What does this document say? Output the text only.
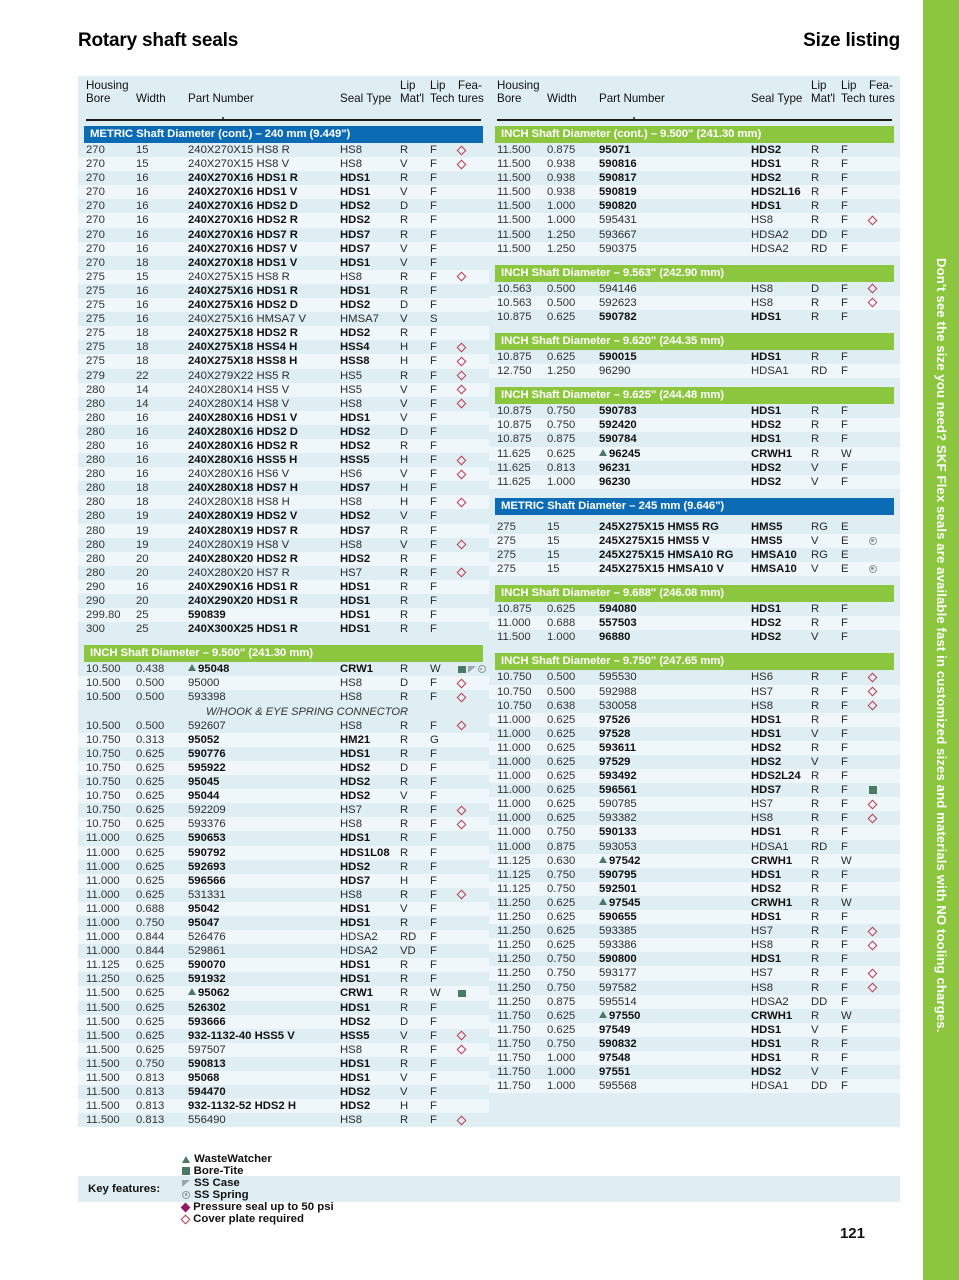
Rotary shaft seals	Size listing
Housing
Bore	Width	Part Number	Seal Type
Lip
Mat'l
Lip
Tech
Fea-
tures
METRIC Shaft Diameter (cont.) – 240 mm (9.449")
270	15	240X270X15 HS8 R	HS8	R	F
270	15	240X270X15 HS8 V	HS8	V	F
270	16	240X270X16 HDS1 R	HDS1	R	F
270	16	240X270X16 HDS1 V	HDS1	V	F
270	16	240X270X16 HDS2 D	HDS2	D	F
270	16	240X270X16 HDS2 R	HDS2	R	F
270	16	240X270X16 HDS7 R	HDS7	R	F
270	16	240X270X16 HDS7 V	HDS7	V	F
270	18	240X270X18 HDS1 V	HDS1	V	F
275	15	240X275X15 HS8 R	HS8	R	F
275	16	240X275X16 HDS1 R	HDS1	R	F
275	16	240X275X16 HDS2 D	HDS2	D	F
275	16	240X275X16 HMSA7 V	HMSA7	V	S
275	18	240X275X18 HDS2 R	HDS2	R	F
275	18	240X275X18 HSS4 H	HSS4	H	F
275	18	240X275X18 HSS8 H	HSS8	H	F
279	22	240X279X22 HS5 R	HS5	R	F
280	14	240X280X14 HS5 V	HS5	V	F
280	14	240X280X14 HS8 V	HS8	V	F
280	16	240X280X16 HDS1 V	HDS1	V	F
280	16	240X280X16 HDS2 D	HDS2	D	F
280	16	240X280X16 HDS2 R	HDS2	R	F
280	16	240X280X16 HSS5 H	HSS5	H	F
280	16	240X280X16 HS6 V	HS6	V	F
280	18	240X280X18 HDS7 H	HDS7	H	F
280	18	240X280X18 HS8 H	HS8	H	F
280	19	240X280X19 HDS2 V	HDS2	V	F
280	19	240X280X19 HDS7 R	HDS7	R	F
280	19	240X280X19 HS8 V	HS8	V	F
280	20	240X280X20 HDS2 R	HDS2	R	F
280	20	240X280X20 HS7 R	HS7	R	F
290	16	240X290X16 HDS1 R	HDS1	R	F
290	20	240X290X20 HDS1 R	HDS1	R	F
299.80	25	590839	HDS1	R	F
300	25	240X300X25 HDS1 R	HDS1	R	F
INCH Shaft Diameter – 9.500" (241.30 mm)
10.500	0.438	95048	CRW1	R	W
10.500	0.500	95000	HS8	D	F
10.500	0.500	593398	HS8	R	F
W/HOOK & EYE SPRING CONNECTOR
10.500	0.500	592607	HS8	R	F
10.750	0.313	95052	HM21	R	G
10.750	0.625	590776	HDS1	R	F
10.750	0.625	595922	HDS2	D	F
10.750	0.625	95045	HDS2	R	F
10.750	0.625	95044	HDS2	V	F
10.750	0.625	592209	HS7	R	F
10.750	0.625	593376	HS8	R	F
11.000	0.625	590653	HDS1	R	F
11.000	0.625	590792	HDS1L08 R	F
11.000	0.625	592693	HDS2	R	F
11.000	0.625	596566	HDS7	H	F
11.000	0.625	531331	HS8	R	F
11.000	0.688	95042	HDS1	V	F
11.000	0.750	95047	HDS1	R	F
11.000	0.844	526476	HDSA2	RD	F
11.000	0.844	529861	HDSA2	VD	F
11.125	0.625	590070	HDS1	R	F
11.250	0.625	591932	HDS1	R	F
11.500	0.625	95062	CRW1	R	W
11.500	0.625	526302	HDS1	R	F
11.500	0.625	593666	HDS2	D	F
11.500	0.625	932-1132-40 HSS5 V	HSS5	V	F
11.500	0.625	597507	HS8	R	F
11.500	0.750	590813	HDS1	R	F
11.500	0.813	95068	HDS1	V	F
11.500	0.813	594470	HDS2	V	F
11.500	0.813	932-1132-52 HDS2 H	HDS2	H	F
11.500	0.813	556490	HS8	R	F
Housing
Bore	Width	Part Number	Seal Type
Lip
Mat'l
Lip
Tech
Fea-
tures
INCH Shaft Diameter (cont.) – 9.500" (241.30 mm)
11.500	0.875	95071	HDS2	R	F
11.500	0.938	590816	HDS1	R	F
11.500	0.938	590817	HDS2	R	F
11.500	0.938	590819	HDS2L16 R	F
11.500	1.000	590820	HDS1	R	F
11.500	1.000	595431	HS8	R	F
11.500	1.250	593667	HDSA2	DD	F
11.500	1.250	590375	HDSA2	RD	F
INCH Shaft Diameter – 9.563" (242.90 mm)
10.563	0.500	594146	HS8	D	F
10.563	0.500	592623	HS8	R	F
10.875	0.625	590782	HDS1	R	F
INCH Shaft Diameter – 9.620" (244.35 mm)
10.875	0.625	590015	HDS1	R	F
12.750	1.250	96290	HDSA1	RD	F
INCH Shaft Diameter – 9.625" (244.48 mm)
10.875	0.750	590783	HDS1	R	F
10.875	0.750	592420	HDS2	R	F
10.875	0.875	590784	HDS1	R	F
11.625	0.625	96245	CRWH1	R	W
11.625	0.813	96231	HDS2	V	F
11.625	1.000	96230	HDS2	V	F
METRIC Shaft Diameter – 245 mm (9.646")
275	15	245X275X15 HMS5 RG	HMS5	RG	E
275	15	245X275X15 HMS5 V	HMS5	V	E
275	15	245X275X15 HMSA10 RG	HMSA10	RG	E
275	15	245X275X15 HMSA10 V	HMSA10	V	E
INCH Shaft Diameter – 9.688" (246.08 mm)
10.875	0.625	594080	HDS1	R	F
11.000	0.688	557503	HDS2	R	F
11.500	1.000	96880	HDS2	V	F
INCH Shaft Diameter – 9.750" (247.65 mm)
10.750	0.500	595530	HS6	R	F
10.750	0.500	592988	HS7	R	F
10.750	0.638	530058	HS8	R	F
11.000	0.625	97526	HDS1	R	F
11.000	0.625	97528	HDS1	V	F
11.000	0.625	593611	HDS2	R	F
11.000	0.625	97529	HDS2	V	F
11.000	0.625	593492	HDS2L24 R	F
11.000	0.625	596561	HDS7	R	F
11.000	0.625	590785	HS7	R	F
11.000	0.625	593382	HS8	R	F
11.000	0.750	590133	HDS1	R	F
11.000	0.875	593053	HDSA1	RD	F
11.125	0.630	97542	CRWH1	R	W
11.125	0.750	590795	HDS1	R	F
11.125	0.750	592501	HDS2	R	F
11.250	0.625	97545	CRWH1	R	W
11.250	0.625	590655	HDS1	R	F
11.250	0.625	593385	HS7	R	F
11.250	0.625	593386	HS8	R	F
11.250	0.750	590800	HDS1	R	F
11.250	0.750	593177	HS7	R	F
11.250	0.750	597582	HS8	R	F
11.250	0.875	595514	HDSA2	DD	F
11.750	0.625	97550	CRWH1	R	W
11.750	0.625	97549	HDS1	V	F
11.750	0.750	590832	HDS1	R	F
11.750	1.000	97548	HDS1	R	F
11.750	1.000	97551	HDS2	V	F
11.750	1.000	595568	HDSA1	DD	F
Key features:
WasteWatcher
Bore-Tite
SS Case
SS Spring
Pressure seal up to 50 psi
Cover plate required
121
Don't see the size you need? SKF Flex seals are available fast in customized sizes and materials with NO tooling charges.
